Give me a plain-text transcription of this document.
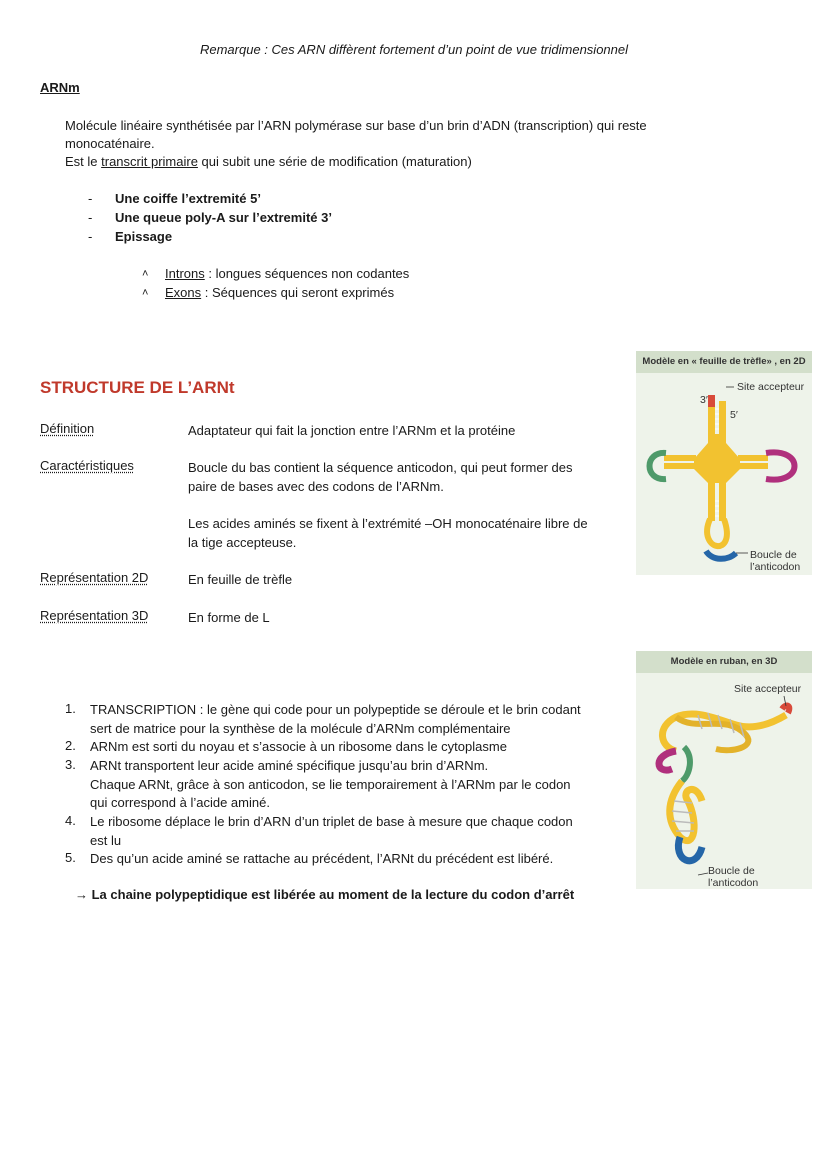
Remarque : Ces ARN diffèrent fortement d’un point de vue tridimensionnel
ARNm
Molécule linéaire synthétisée par l’ARN polymérase sur base d’un brin d’ADN (transcription) qui reste
monocaténaire.
Est le transcrit primaire qui subit une série de modification (maturation)
- Une coiffe l’extremité 5’
- Une queue poly-A sur l’extremité 3’
- Epissage
˄ Introns : longues séquences non codantes
˄ Exons : Séquences qui seront exprimés
STRUCTURE DE L’ARNt
Définition	Adaptateur qui fait la jonction entre l’ARNm et la protéine
Caractéristiques	Boucle du bas contient la séquence anticodon, qui peut former des
paire de bases avec des codons de l’ARNm.
Les acides aminés se fixent à l’extrémité –OH monocaténaire libre de
la tige accepteuse.
Représentation 2D	En feuille de trèfle
Représentation 3D	En forme de L
1. TRANSCRIPTION : le gène qui code pour un polypeptide se déroule et le brin codant
sert de matrice pour la synthèse de la molécule d’ARNm complémentaire
2. ARNm est sorti du noyau et s’associe à un ribosome dans le cytoplasme
3. ARNt transportent leur acide aminé spécifique jusqu’au brin d’ARNm.
Chaque ARNt, grâce à son anticodon, se lie temporairement à l’ARNm par le codon
qui correspond à l’acide aminé.
4. Le ribosome déplace le brin d’ARN d’un triplet de base à mesure que chaque codon
est lu
5. Des qu’un acide aminé se rattache au précédent, l’ARNt du précédent est libéré.
→ La chaine polypeptidique est libérée au moment de la lecture du codon d’arrêt
Modèle en « feuille de trèfle» , en 2D
Site accepteur
3′
5′
Boucle de
l’anticodon
Modèle en ruban, en 3D
Site accepteur
Boucle de
l’anticodon
